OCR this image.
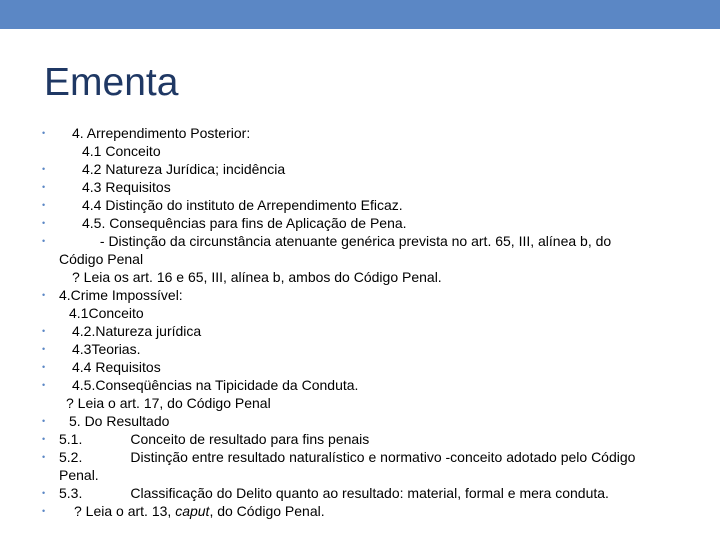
Ementa
•	4. Arrependimento Posterior:
4.1 Conceito
•	4.2 Natureza Jurídica; incidência
•	4.3 Requisitos
•	4.4 Distinção do instituto de Arrependimento Eficaz.
•	4.5. Consequências para fins de Aplicação de Pena.
•	- Distinção da circunstância atenuante genérica prevista no art. 65, III, alínea b, do
Código Penal
? Leia os art. 16 e 65, III, alínea b, ambos do Código Penal.
• 4.Crime Impossível:
4.1Conceito
•	4.2.Natureza jurídica
•	4.3Teorias.
•	4.4 Requisitos
•	4.5.Conseqüências na Tipicidade da Conduta.
? Leia o art. 17, do Código Penal
•	5. Do Resultado
• 5.1.	Conceito de resultado para fins penais
• 5.2.	Distinção entre resultado naturalístico e normativo -conceito adotado pelo Código
Penal.
• 5.3.	Classificação do Delito quanto ao resultado: material, formal e mera conduta.
•	? Leia o art. 13, caput, do Código Penal.
